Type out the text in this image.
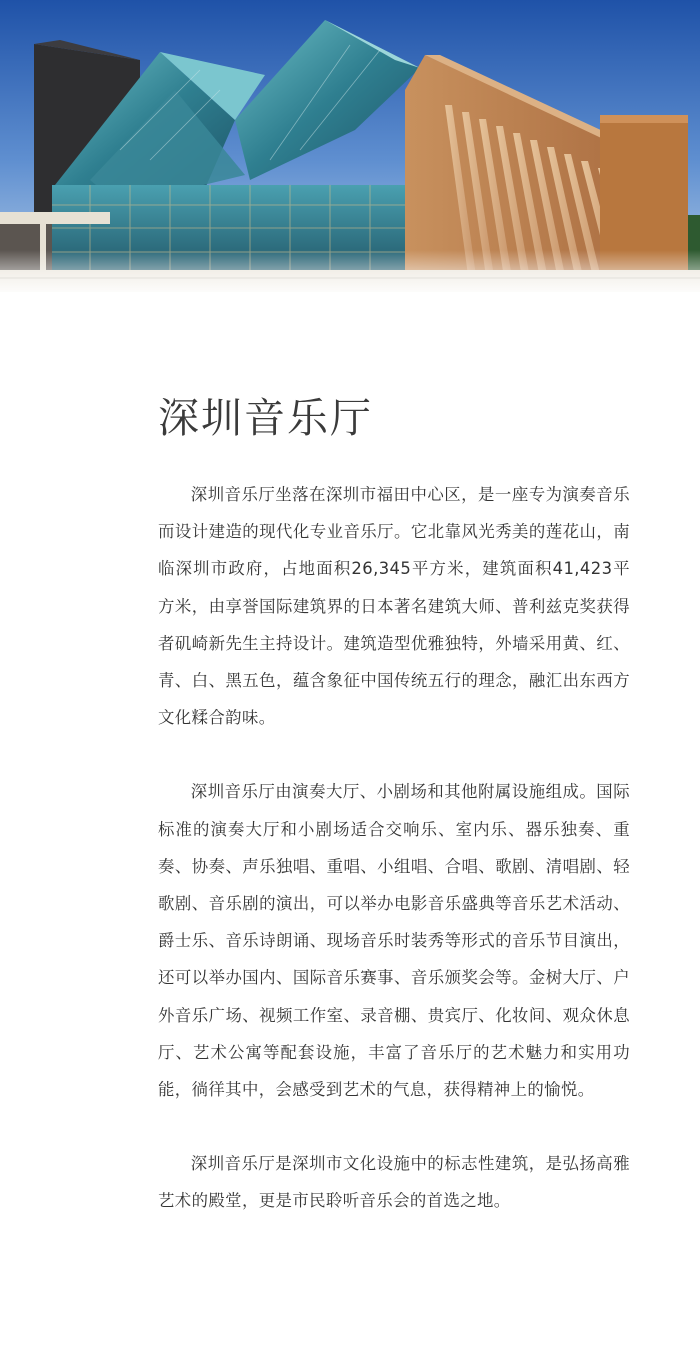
深圳音乐厅

深圳音乐厅坐落在深圳市福田中心区，是一座专为演奏音乐而设计建造的现代化专业音乐厅。它北靠风光秀美的莲花山，南临深圳市政府，占地面积26,345平方米，建筑面积41,423平方米，由享誉国际建筑界的日本著名建筑大师、普利兹克奖获得者矶崎新先生主持设计。建筑造型优雅独特，外墙采用黄、红、青、白、黑五色，蕴含象征中国传统五行的理念，融汇出东西方文化糅合韵味。

深圳音乐厅由演奏大厅、小剧场和其他附属设施组成。国际标准的演奏大厅和小剧场适合交响乐、室内乐、器乐独奏、重奏、协奏、声乐独唱、重唱、小组唱、合唱、歌剧、清唱剧、轻歌剧、音乐剧的演出，可以举办电影音乐盛典等音乐艺术活动、爵士乐、音乐诗朗诵、现场音乐时装秀等形式的音乐节目演出，还可以举办国内、国际音乐赛事、音乐颁奖会等。金树大厅、户外音乐广场、视频工作室、录音棚、贵宾厅、化妆间、观众休息厅、艺术公寓等配套设施，丰富了音乐厅的艺术魅力和实用功能，徜徉其中，会感受到艺术的气息，获得精神上的愉悦。

深圳音乐厅是深圳市文化设施中的标志性建筑，是弘扬高雅艺术的殿堂，更是市民聆听音乐会的首选之地。
